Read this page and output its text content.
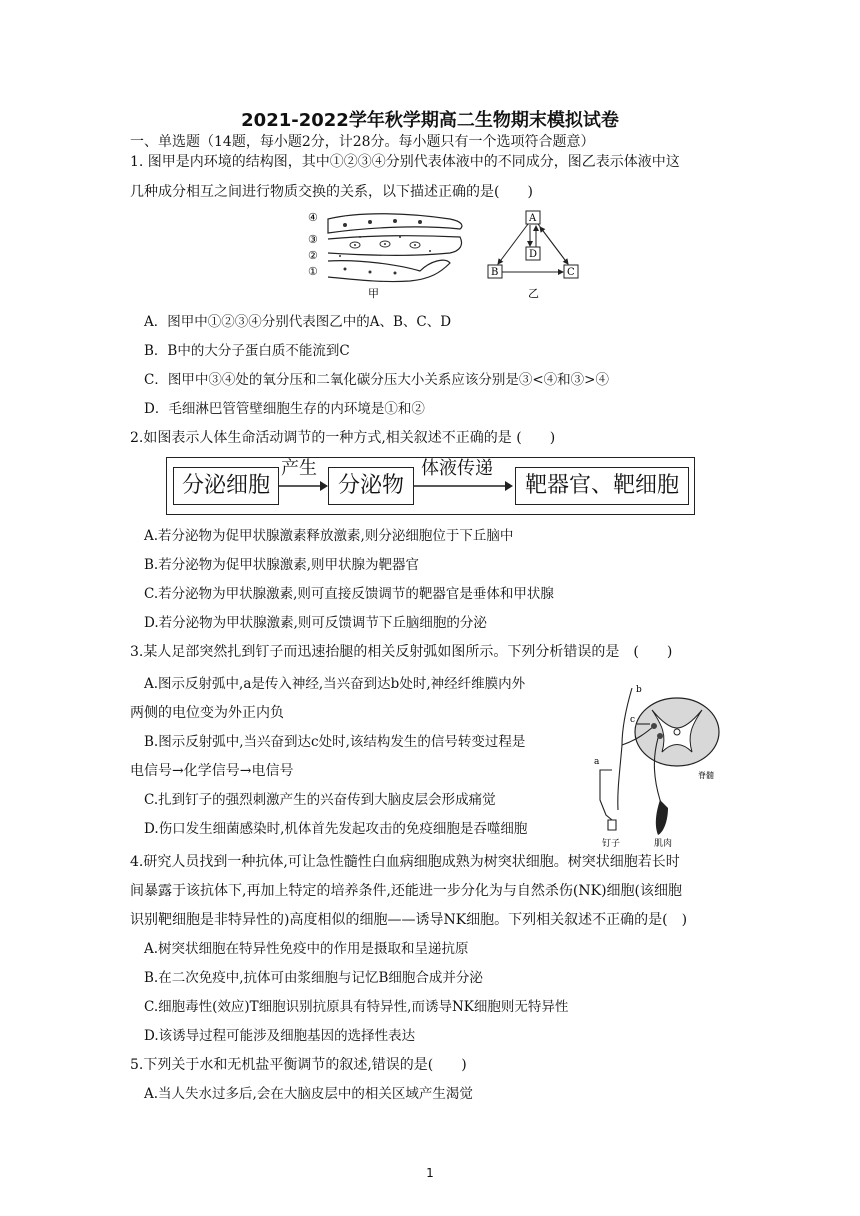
2021-2022学年秋学期高二生物期末模拟试卷
一、单选题（14题，每小题2分，计28分。每小题只有一个选项符合题意）
1. 图甲是内环境的结构图，其中①②③④分别代表体液中的不同成分，图乙表示体液中这
几种成分相互之间进行物质交换的关系，以下描述正确的是(　　)
④
③
②
①
甲
A
D
B	C
乙
A．图甲中①②③④分别代表图乙中的A、B、C、D
B．B中的大分子蛋白质不能流到C
C．图甲中③④处的氧分压和二氧化碳分压大小关系应该分别是③<④和③>④
D．毛细淋巴管管壁细胞生存的内环境是①和②
2.如图表示人体生命活动调节的一种方式,相关叙述不正确的是 (　　)
分泌细胞
产生
分泌物
体液传递
靶器官、靶细胞
A.若分泌物为促甲状腺激素释放激素,则分泌细胞位于下丘脑中
B.若分泌物为促甲状腺激素,则甲状腺为靶器官
C.若分泌物为甲状腺激素,则可直接反馈调节的靶器官是垂体和甲状腺
D.若分泌物为甲状腺激素,则可反馈调节下丘脑细胞的分泌
3.某人足部突然扎到钉子而迅速抬腿的相关反射弧如图所示。下列分析错误的是　(　　)
A.图示反射弧中,a是传入神经,当兴奋到达b处时,神经纤维膜内外
两侧的电位变为外正内负
B.图示反射弧中,当兴奋到达c处时,该结构发生的信号转变过程是
电信号→化学信号→电信号
C.扎到钉子的强烈刺激产生的兴奋传到大脑皮层会形成痛觉
D.伤口发生细菌感染时,机体首先发起攻击的免疫细胞是吞噬细胞
b
c
a
脊髓
钉子	肌肉
4.研究人员找到一种抗体,可让急性髓性白血病细胞成熟为树突状细胞。树突状细胞若长时
间暴露于该抗体下,再加上特定的培养条件,还能进一步分化为与自然杀伤(NK)细胞(该细胞
识别靶细胞是非特异性的)高度相似的细胞——诱导NK细胞。下列相关叙述不正确的是(　)
A.树突状细胞在特异性免疫中的作用是摄取和呈递抗原
B.在二次免疫中,抗体可由浆细胞与记忆B细胞合成并分泌
C.细胞毒性(效应)T细胞识别抗原具有特异性,而诱导NK细胞则无特异性
D.该诱导过程可能涉及细胞基因的选择性表达
5.下列关于水和无机盐平衡调节的叙述,错误的是(　　)
A.当人失水过多后,会在大脑皮层中的相关区域产生渴觉
1
